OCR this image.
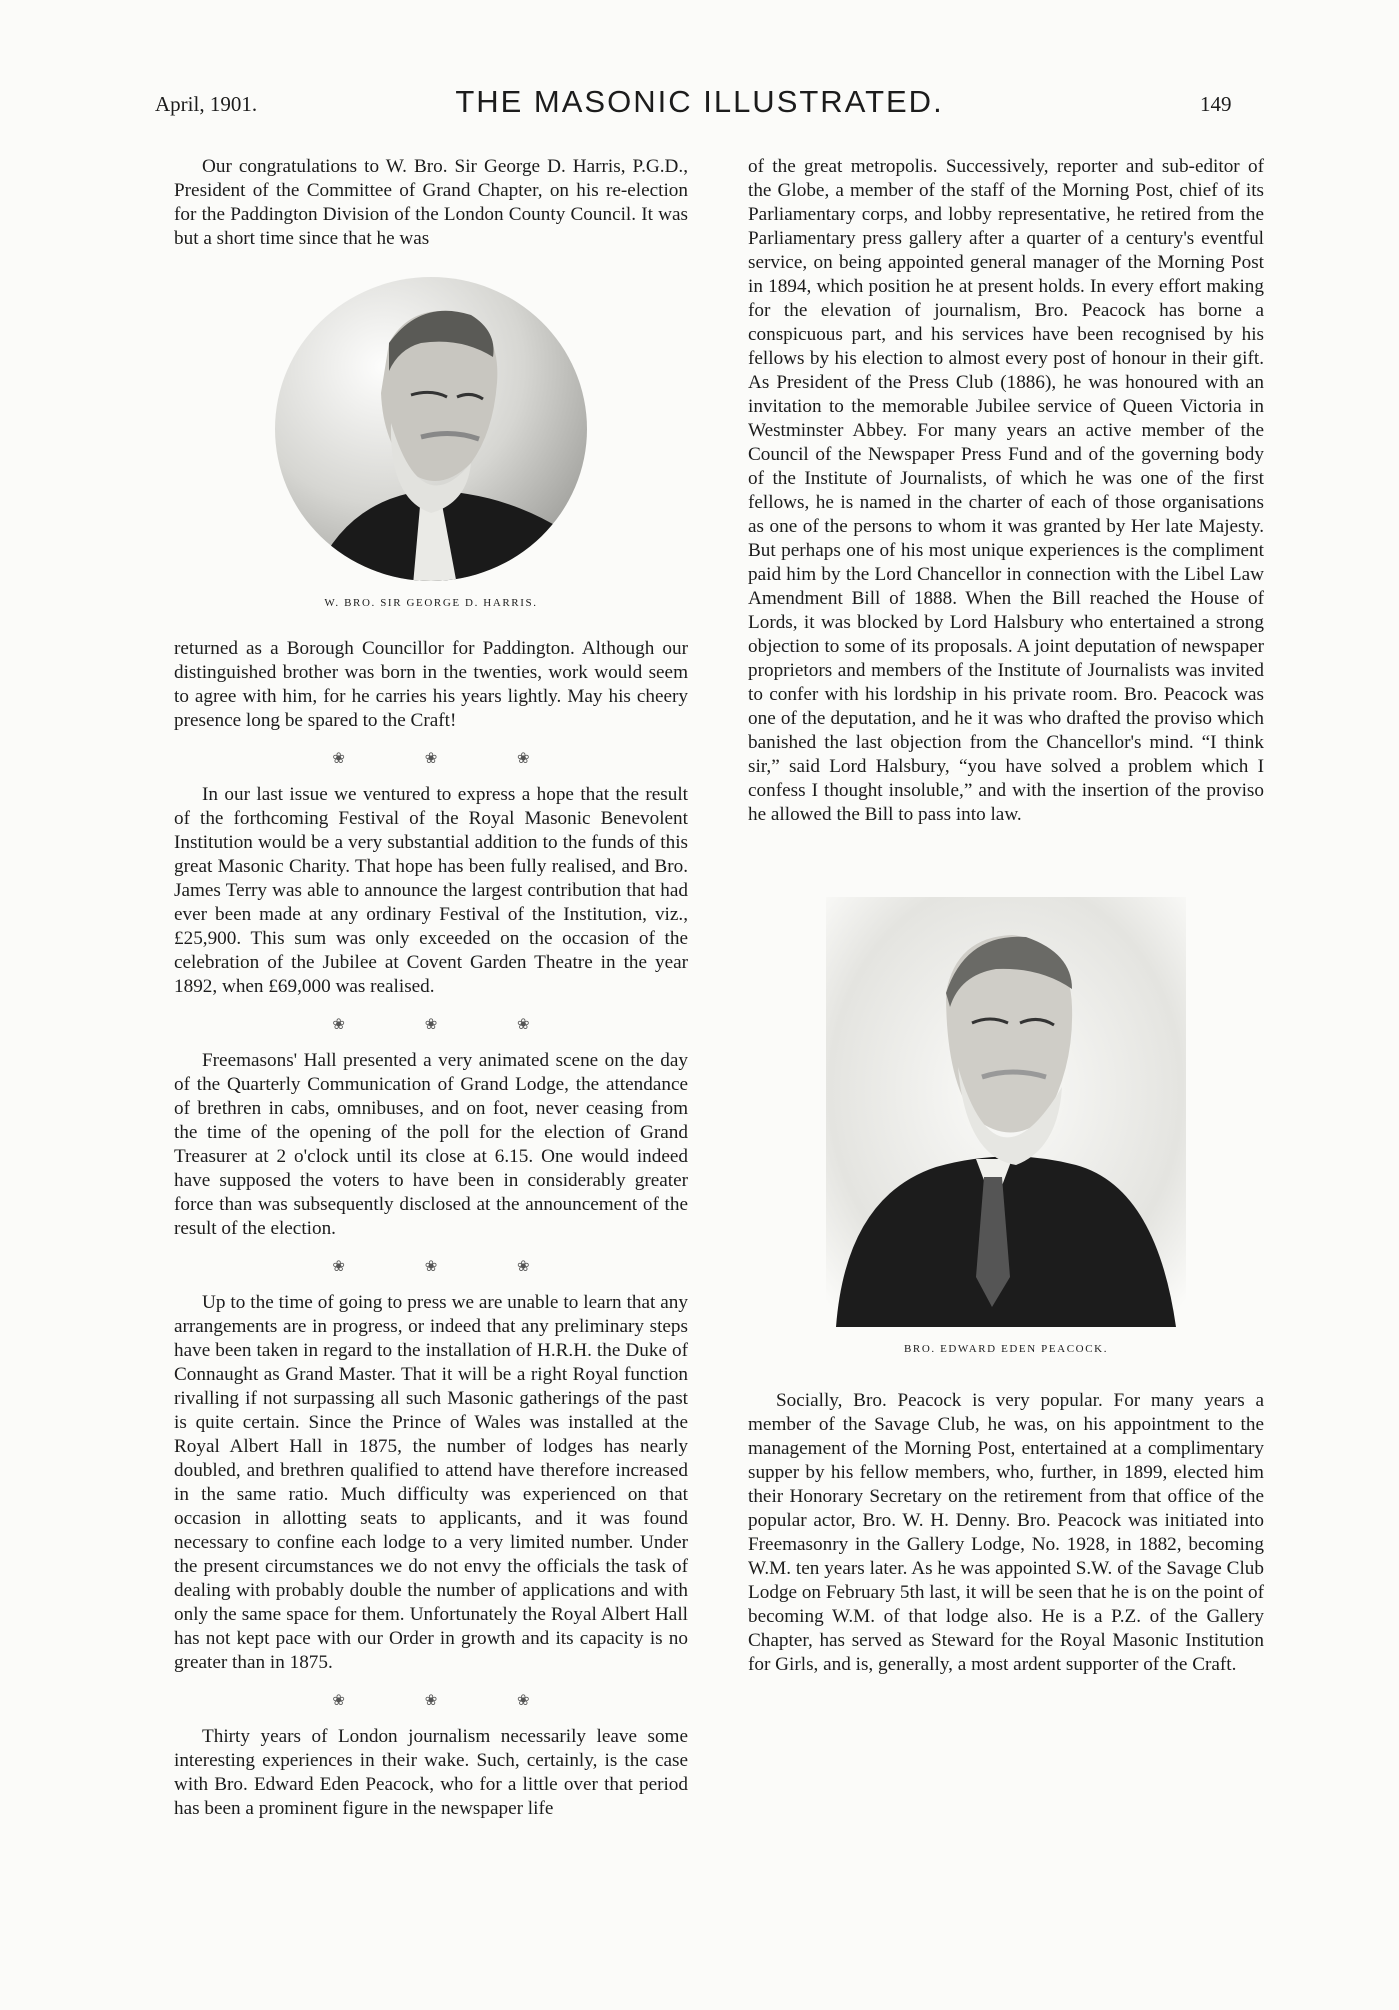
April, 1901.	THE MASONIC ILLUSTRATED.	149

Our congratulations to W. Bro. Sir George D. Harris, P.G.D., President of the Committee of Grand Chapter, on his re-election for the Paddington Division of the London County Council. It was but a short time since that he was

W. BRO. SIR GEORGE D. HARRIS.

returned as a Borough Councillor for Paddington. Although our distinguished brother was born in the twenties, work would seem to agree with him, for he carries his years lightly. May his cheery presence long be spared to the Craft!

❀ ❀ ❀

In our last issue we ventured to express a hope that the result of the forthcoming Festival of the Royal Masonic Benevolent Institution would be a very substantial addition to the funds of this great Masonic Charity. That hope has been fully realised, and Bro. James Terry was able to announce the largest contribution that had ever been made at any ordinary Festival of the Institution, viz., £25,900. This sum was only exceeded on the occasion of the celebration of the Jubilee at Covent Garden Theatre in the year 1892, when £69,000 was realised.

❀ ❀ ❀

Freemasons' Hall presented a very animated scene on the day of the Quarterly Communication of Grand Lodge, the attendance of brethren in cabs, omnibuses, and on foot, never ceasing from the time of the opening of the poll for the election of Grand Treasurer at 2 o'clock until its close at 6.15. One would indeed have supposed the voters to have been in considerably greater force than was subsequently disclosed at the announcement of the result of the election.

❀ ❀ ❀

Up to the time of going to press we are unable to learn that any arrangements are in progress, or indeed that any preliminary steps have been taken in regard to the installation of H.R.H. the Duke of Connaught as Grand Master. That it will be a right Royal function rivalling if not surpassing all such Masonic gatherings of the past is quite certain. Since the Prince of Wales was installed at the Royal Albert Hall in 1875, the number of lodges has nearly doubled, and brethren qualified to attend have therefore increased in the same ratio. Much difficulty was experienced on that occasion in allotting seats to applicants, and it was found necessary to confine each lodge to a very limited number. Under the present circumstances we do not envy the officials the task of dealing with probably double the number of applications and with only the same space for them. Unfortunately the Royal Albert Hall has not kept pace with our Order in growth and its capacity is no greater than in 1875.

❀ ❀ ❀

Thirty years of London journalism necessarily leave some interesting experiences in their wake. Such, certainly, is the case with Bro. Edward Eden Peacock, who for a little over that period has been a prominent figure in the newspaper life

of the great metropolis. Successively, reporter and sub-editor of the Globe, a member of the staff of the Morning Post, chief of its Parliamentary corps, and lobby representative, he retired from the Parliamentary press gallery after a quarter of a century's eventful service, on being appointed general manager of the Morning Post in 1894, which position he at present holds. In every effort making for the elevation of journalism, Bro. Peacock has borne a conspicuous part, and his services have been recognised by his fellows by his election to almost every post of honour in their gift. As President of the Press Club (1886), he was honoured with an invitation to the memorable Jubilee service of Queen Victoria in Westminster Abbey. For many years an active member of the Council of the Newspaper Press Fund and of the governing body of the Institute of Journalists, of which he was one of the first fellows, he is named in the charter of each of those organisations as one of the persons to whom it was granted by Her late Majesty. But perhaps one of his most unique experiences is the compliment paid him by the Lord Chancellor in connection with the Libel Law Amendment Bill of 1888. When the Bill reached the House of Lords, it was blocked by Lord Halsbury who entertained a strong objection to some of its proposals. A joint deputation of newspaper proprietors and members of the Institute of Journalists was invited to confer with his lordship in his private room. Bro. Peacock was one of the deputation, and he it was who drafted the proviso which banished the last objection from the Chancellor's mind. “I think sir,” said Lord Halsbury, “you have solved a problem which I confess I thought insoluble,” and with the insertion of the proviso he allowed the Bill to pass into law.

BRO. EDWARD EDEN PEACOCK.

Socially, Bro. Peacock is very popular. For many years a member of the Savage Club, he was, on his appointment to the management of the Morning Post, entertained at a complimentary supper by his fellow members, who, further, in 1899, elected him their Honorary Secretary on the retirement from that office of the popular actor, Bro. W. H. Denny. Bro. Peacock was initiated into Freemasonry in the Gallery Lodge, No. 1928, in 1882, becoming W.M. ten years later. As he was appointed S.W. of the Savage Club Lodge on February 5th last, it will be seen that he is on the point of becoming W.M. of that lodge also. He is a P.Z. of the Gallery Chapter, has served as Steward for the Royal Masonic Institution for Girls, and is, generally, a most ardent supporter of the Craft.
